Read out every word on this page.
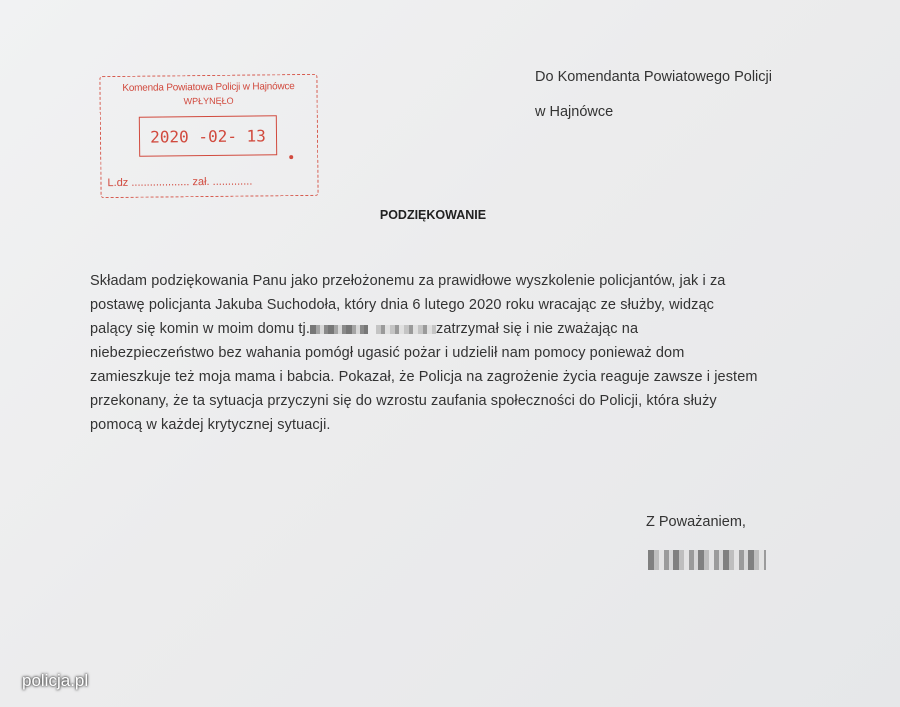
Do Komendanta Powiatowego Policji
w Hajnówce
Komenda Powiatowa Policji w Hajnówce
WPŁYNĘŁO
2020 -02- 13
L.dz ................... zał. .............
PODZIĘKOWANIE
Składam podziękowania Panu jako przełożonemu za prawidłowe wyszkolenie policjantów, jak i za
postawę policjanta Jakuba Suchodoła, który dnia 6 lutego 2020 roku wracając ze służby, widząc
palący się komin w moim domu tj.	zatrzymał się i nie zważając na
niebezpieczeństwo bez wahania pomógł ugasić pożar i udzielił nam pomocy ponieważ dom
zamieszkuje też moja mama i babcia. Pokazał, że Policja na zagrożenie życia reaguje zawsze i jestem
przekonany, że ta sytuacja przyczyni się do wzrostu zaufania społeczności do Policji, która służy
pomocą w każdej krytycznej sytuacji.
Z Poważaniem,
policja.pl
